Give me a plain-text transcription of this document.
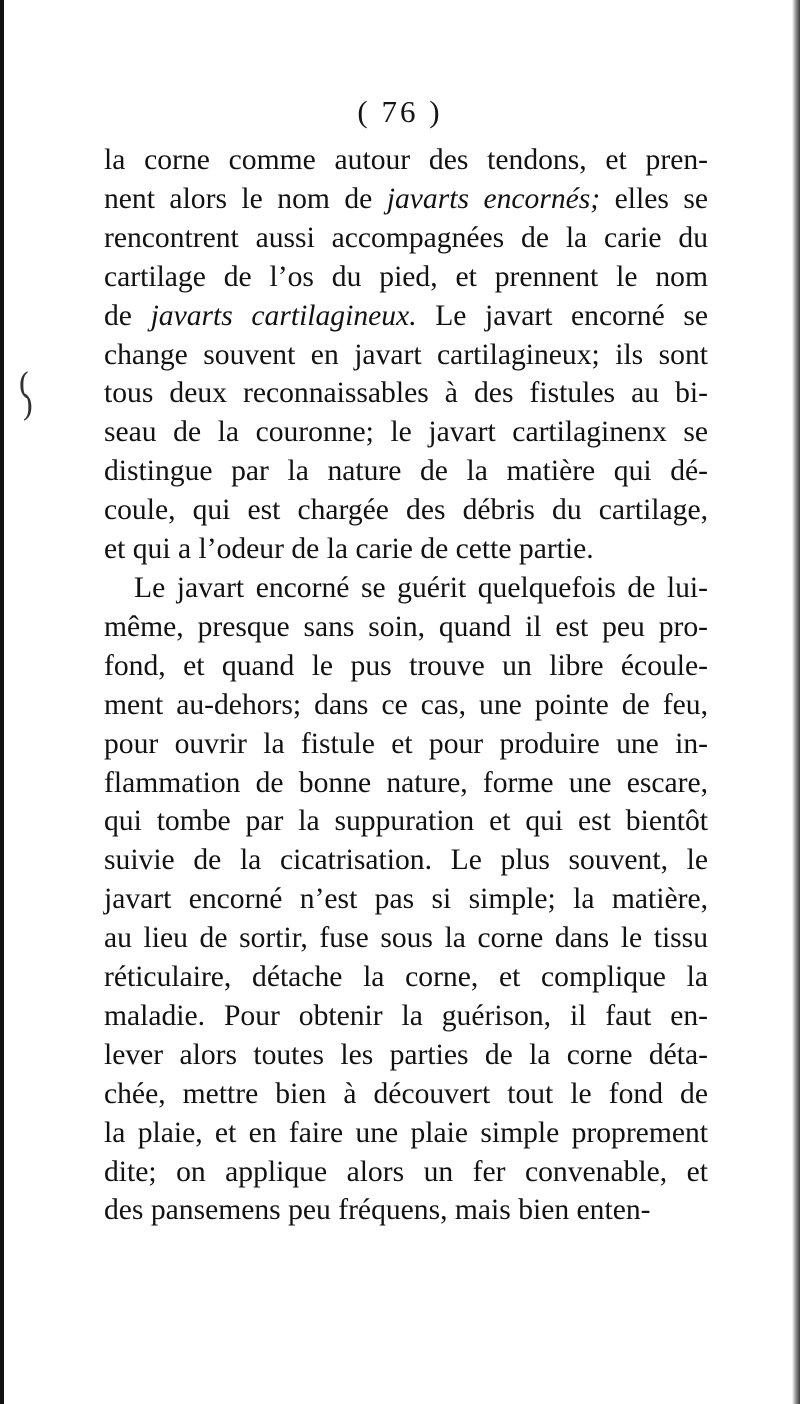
(
)
( 76 )
la corne comme autour des tendons, et pren-
nent alors le nom de javarts encornés; elles se
rencontrent aussi accompagnées de la carie du
cartilage de l’os du pied, et prennent le nom
de javarts cartilagineux. Le javart encorné se
change souvent en javart cartilagineux; ils sont
tous deux reconnaissables à des fistules au bi-
seau de la couronne; le javart cartilaginenx se
distingue par la nature de la matière qui dé-
coule, qui est chargée des débris du cartilage,
et qui a l’odeur de la carie de cette partie.
Le javart encorné se guérit quelquefois de lui-
même, presque sans soin, quand il est peu pro-
fond, et quand le pus trouve un libre écoule-
ment au-dehors; dans ce cas, une pointe de feu,
pour ouvrir la fistule et pour produire une in-
flammation de bonne nature, forme une escare,
qui tombe par la suppuration et qui est bientôt
suivie de la cicatrisation. Le plus souvent, le
javart encorné n’est pas si simple; la matière,
au lieu de sortir, fuse sous la corne dans le tissu
réticulaire, détache la corne, et complique la
maladie. Pour obtenir la guérison, il faut en-
lever alors toutes les parties de la corne déta-
chée, mettre bien à découvert tout le fond de
la plaie, et en faire une plaie simple proprement
dite; on applique alors un fer convenable, et
des pansemens peu fréquens, mais bien enten-
